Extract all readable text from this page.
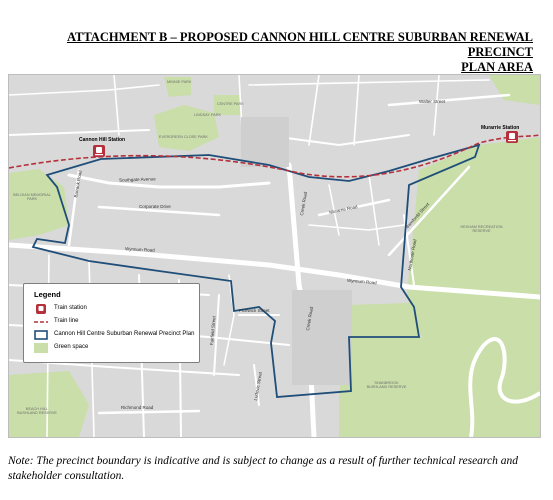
ATTACHMENT B – PROPOSED CANNON HILL CENTRE SUBURBAN RENEWAL PRECINCT
PLAN AREA
Cannon Hill Station
Murarrie Station
Southgate Avenue
Corporate Drive
Barrack Road
Wynnum Road
Wynnum Road
Creek Road
Creek Road
Murarrie Road	Bamfordd Street
Walter Street
Fairfield Street
Pickwick Street
Ludovic Street
Richmond Road
Northcote Road
MINNIE PARK
CENTRE PARK
EVERGREEN CLOSE PARK
BELGIAN MEMORIAL PARK
HEXHAM RECREATION RESERVE
SHANBROOK BUSHLAND RESERVE
BEACH HILL BUSHLAND RESERVE
LINDSAY PARK
Legend
Train station
Train line
Cannon Hill Centre Suburban Renewal Precinct Plan
Green space
Note: The precinct boundary is indicative and is subject to change as a result of further technical research and stakeholder consultation.
